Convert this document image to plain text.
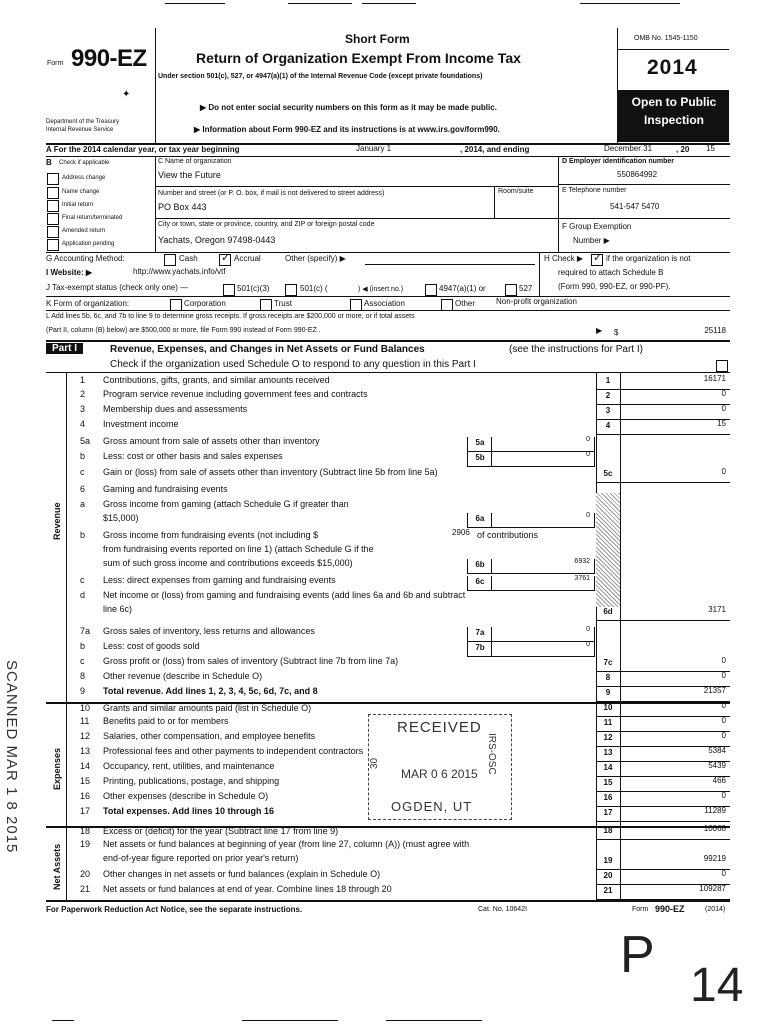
Form 990-EZ
Short Form
Return of Organization Exempt From Income Tax
Under section 501(c), 527, or 4947(a)(1) of the Internal Revenue Code (except private foundations)
✦
▶ Do not enter social security numbers on this form as it may be made public.
▶ Information about Form 990-EZ and its instructions is at www.irs.gov/form990.
Department of the Treasury
Internal Revenue Service
OMB No. 1545-1150
2014
Open to Public
Inspection
A For the 2014 calendar year, or tax year beginning	January 1	, 2014, and ending	December 31	, 20 15
B Check if applicable
Address change
Name change
Initial return
Final return/terminated
Amended return
Application pending
C Name of organization
View the Future
Number and street (or P. O. box, if mail is not delivered to street address)	Room/suite
PO Box 443
City or town, state or province, country, and ZIP or foreign postal code
Yachats, Oregon 97498-0443
D Employer identification number
550864992
E Telephone number
541-547 5470
F Group Exemption
Number ▶
G Accounting Method:	Cash ✓ Accrual	Other (specify) ▶	H Check ▶ ✓ if the organization is not
required to attach Schedule B
(Form 990, 990-EZ, or 990-PF).
I Website: ▶	http://www.yachats.info/vtf
J Tax-exempt status (check only one) —	501(c)(3)	501(c) (	) ◀ (insert no.)	4947(a)(1) or	527
K Form of organization:	Corporation	Trust	Association	Other	Non-profit organization
L Add lines 5b, 6c, and 7b to line 9 to determine gross receipts. If gross receipts are $200,000 or more, or if total assets
(Part II, column (B) below) are $500,000 or more, file Form 990 instead of Form 990-EZ .	▶ $	25118
Part I	Revenue, Expenses, and Changes in Net Assets or Fund Balances	(see the instructions for Part I)
Check if the organization used Schedule O to respond to any question in this Part I
Revenue
Expenses
Net Assets
SCANNED MAR 1 8 2015
1 Contributions, gifts, grants, and similar amounts received	1	16171
2 Program service revenue including government fees and contracts	2	0
3 Membership dues and assessments	3	0
4 Investment income	4	15
5a Gross amount from sale of assets other than inventory	5a	0
b Less: cost or other basis and sales expenses	5b	0
c Gain or (loss) from sale of assets other than inventory (Subtract line 5b from line 5a)	5c	0
6 Gaming and fundraising events
a Gross income from gaming (attach Schedule G if greater than
$15,000)	6a	0
b Gross income from fundraising events (not including $	2906 of contributions
from fundraising events reported on line 1) (attach Schedule G if the
sum of such gross income and contributions exceeds $15,000)	6b	6932
c Less: direct expenses from gaming and fundraising events	6c	3761
d Net income or (loss) from gaming and fundraising events (add lines 6a and 6b and subtract
line 6c)	6d	3171
7a Gross sales of inventory, less returns and allowances	7a	0
b Less: cost of goods sold	7b	0
c Gross profit or (loss) from sales of inventory (Subtract line 7b from line 7a)	7c	0
8 Other revenue (describe in Schedule O)	8	0
9 Total revenue. Add lines 1, 2, 3, 4, 5c, 6d, 7c, and 8	9	21357
10 Grants and similar amounts paid (list in Schedule O)	10	0
11 Benefits paid to or for members	11	0
12 Salaries, other compensation, and employee benefits	12	0
13 Professional fees and other payments to independent contractors	13	5384
14 Occupancy, rent, utilities, and maintenance	14	5439
15 Printing, publications, postage, and shipping	15	466
16 Other expenses (describe in Schedule O)	16	0
17 Total expenses. Add lines 10 through 16	17	11289
18 Excess or (deficit) for the year (Subtract line 17 from line 9)	18	10068
19 Net assets or fund balances at beginning of year (from line 27, column (A)) (must agree with
end-of-year figure reported on prior year's return)	19	99219
20 Other changes in net assets or fund balances (explain in Schedule O)	20	0
21 Net assets or fund balances at end of year. Combine lines 18 through 20	21	109287
RECEIVED
MAR 0 6 2015
OGDEN, UT
30	IRS-OSC
For Paperwork Reduction Act Notice, see the separate instructions.	Cat. No. 10642I	Form 990-EZ	(2014)
P
14
